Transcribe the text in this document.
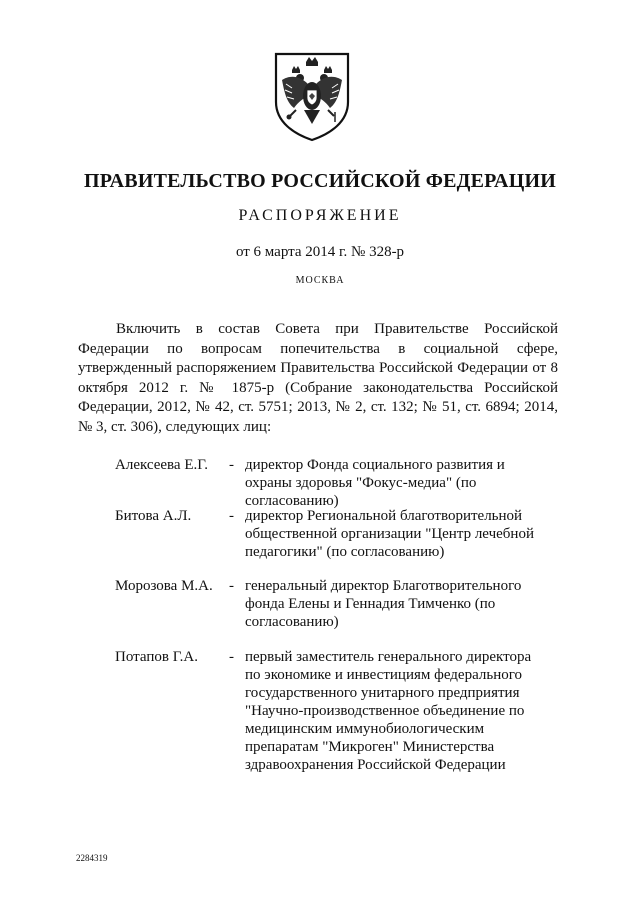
ПРАВИТЕЛЬСТВО РОССИЙСКОЙ ФЕДЕРАЦИИ
РАСПОРЯЖЕНИЕ
от 6 марта 2014 г. № 328-р
МОСКВА

Включить в состав Совета при Правительстве Российской Федерации по вопросам попечительства в социальной сфере, утвержденный распоряжением Правительства Российской Федерации от 8 октября 2012 г. № 1875-р (Собрание законодательства Российской Федерации, 2012, № 42, ст. 5751; 2013, № 2, ст. 132; № 51, ст. 6894; 2014, № 3, ст. 306), следующих лиц:

Алексеева Е.Г.	- директор Фонда социального развития и охраны здоровья "Фокус-медиа" (по согласованию)
Битова А.Л.	- директор Региональной благотворительной общественной организации "Центр лечебной педагогики" (по согласованию)
Морозова М.А.	- генеральный директор Благотворительного фонда Елены и Геннадия Тимченко (по согласованию)
Потапов Г.А.	- первый заместитель генерального директора по экономике и инвестициям федерального государственного унитарного предприятия "Научно-производственное объединение по медицинским иммунобиологическим препаратам "Микроген" Министерства здравоохранения Российской Федерации
2284319
